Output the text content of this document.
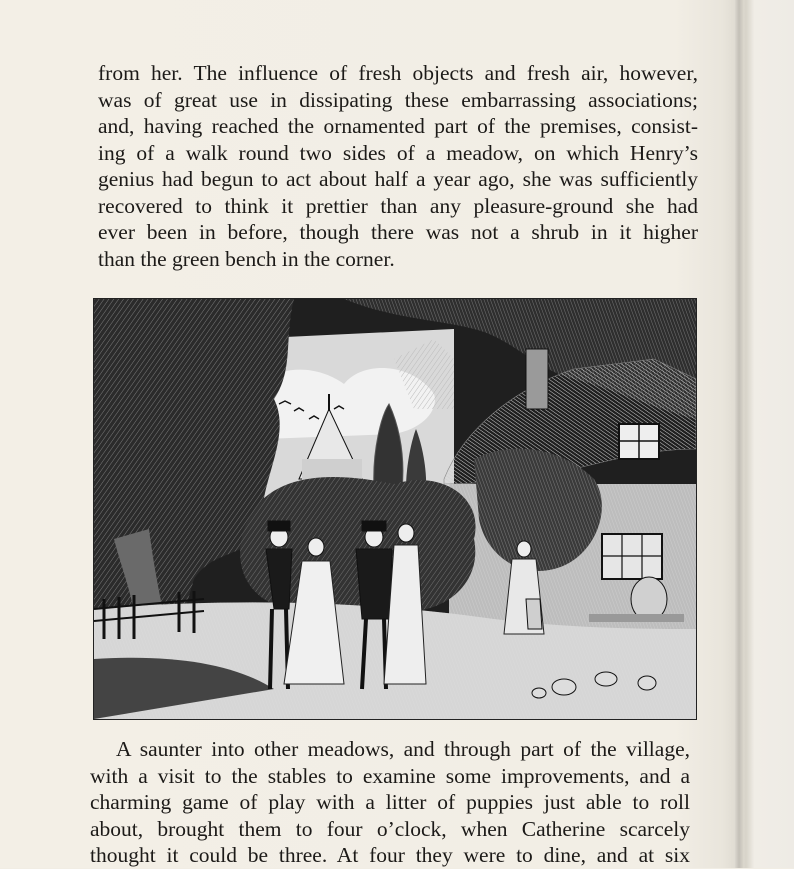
from her. The influence of fresh objects and fresh air, however,
was of great use in dissipating these embarrassing associations;
and, having reached the ornamented part of the premises, consist-
ing of a walk round two sides of a meadow, on which Henry’s
genius had begun to act about half a year ago, she was sufficiently
recovered to think it prettier than any pleasure-ground she had
ever been in before, though there was not a shrub in it higher
than the green bench in the corner.
A saunter into other meadows, and through part of the village,
with a visit to the stables to examine some improvements, and a
charming game of play with a litter of puppies just able to roll
about, brought them to four o’clock, when Catherine scarcely
thought it could be three. At four they were to dine, and at six
